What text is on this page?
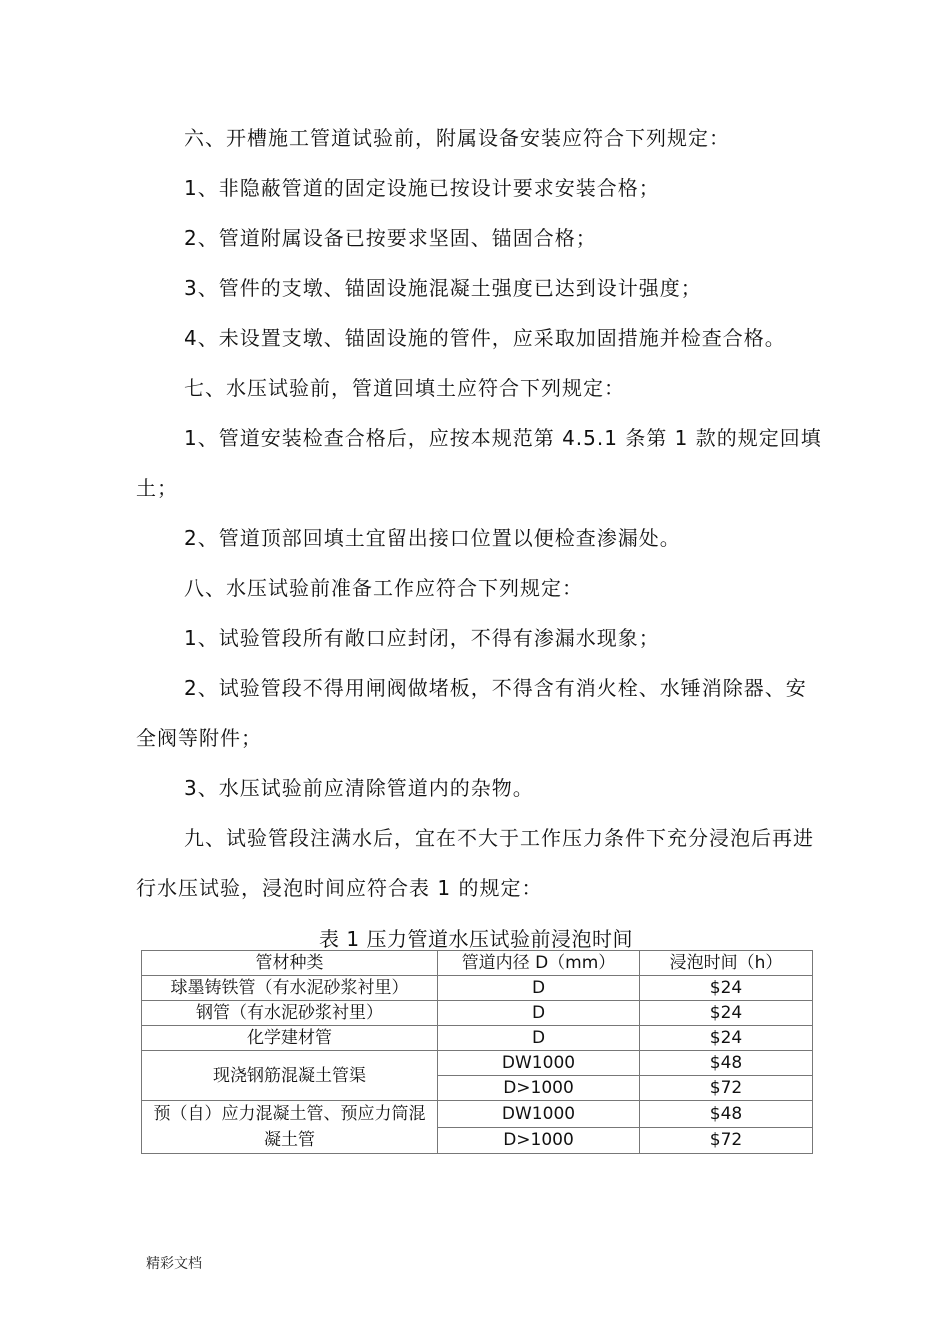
六、开槽施工管道试验前，附属设备安装应符合下列规定：

1、非隐蔽管道的固定设施已按设计要求安装合格；

2、管道附属设备已按要求坚固、锚固合格；

3、管件的支墩、锚固设施混凝土强度已达到设计强度；

4、未设置支墩、锚固设施的管件，应采取加固措施并检查合格。

七、水压试验前，管道回填土应符合下列规定：

1、管道安装检查合格后，应按本规范第 4.5.1 条第 1 款的规定回填土；

2、管道顶部回填土宜留出接口位置以便检查渗漏处。

八、水压试验前准备工作应符合下列规定：

1、试验管段所有敞口应封闭，不得有渗漏水现象；

2、试验管段不得用闸阀做堵板，不得含有消火栓、水锤消除器、安全阀等附件；

3、水压试验前应清除管道内的杂物。

九、试验管段注满水后，宜在不大于工作压力条件下充分浸泡后再进行水压试验，浸泡时间应符合表 1 的规定：

表 1 压力管道水压试验前浸泡时间
管材种类	管道内径 D（mm）	浸泡时间（h）
球墨铸铁管（有水泥砂浆衬里）	D	$24
钢管（有水泥砂浆衬里）	D	$24
化学建材管	D	$24
现浇钢筋混凝土管渠	DW1000	$48
	D>1000	$72
预（自）应力混凝土管、预应力筒混凝土管	DW1000	$48
	D>1000	$72
精彩文档
